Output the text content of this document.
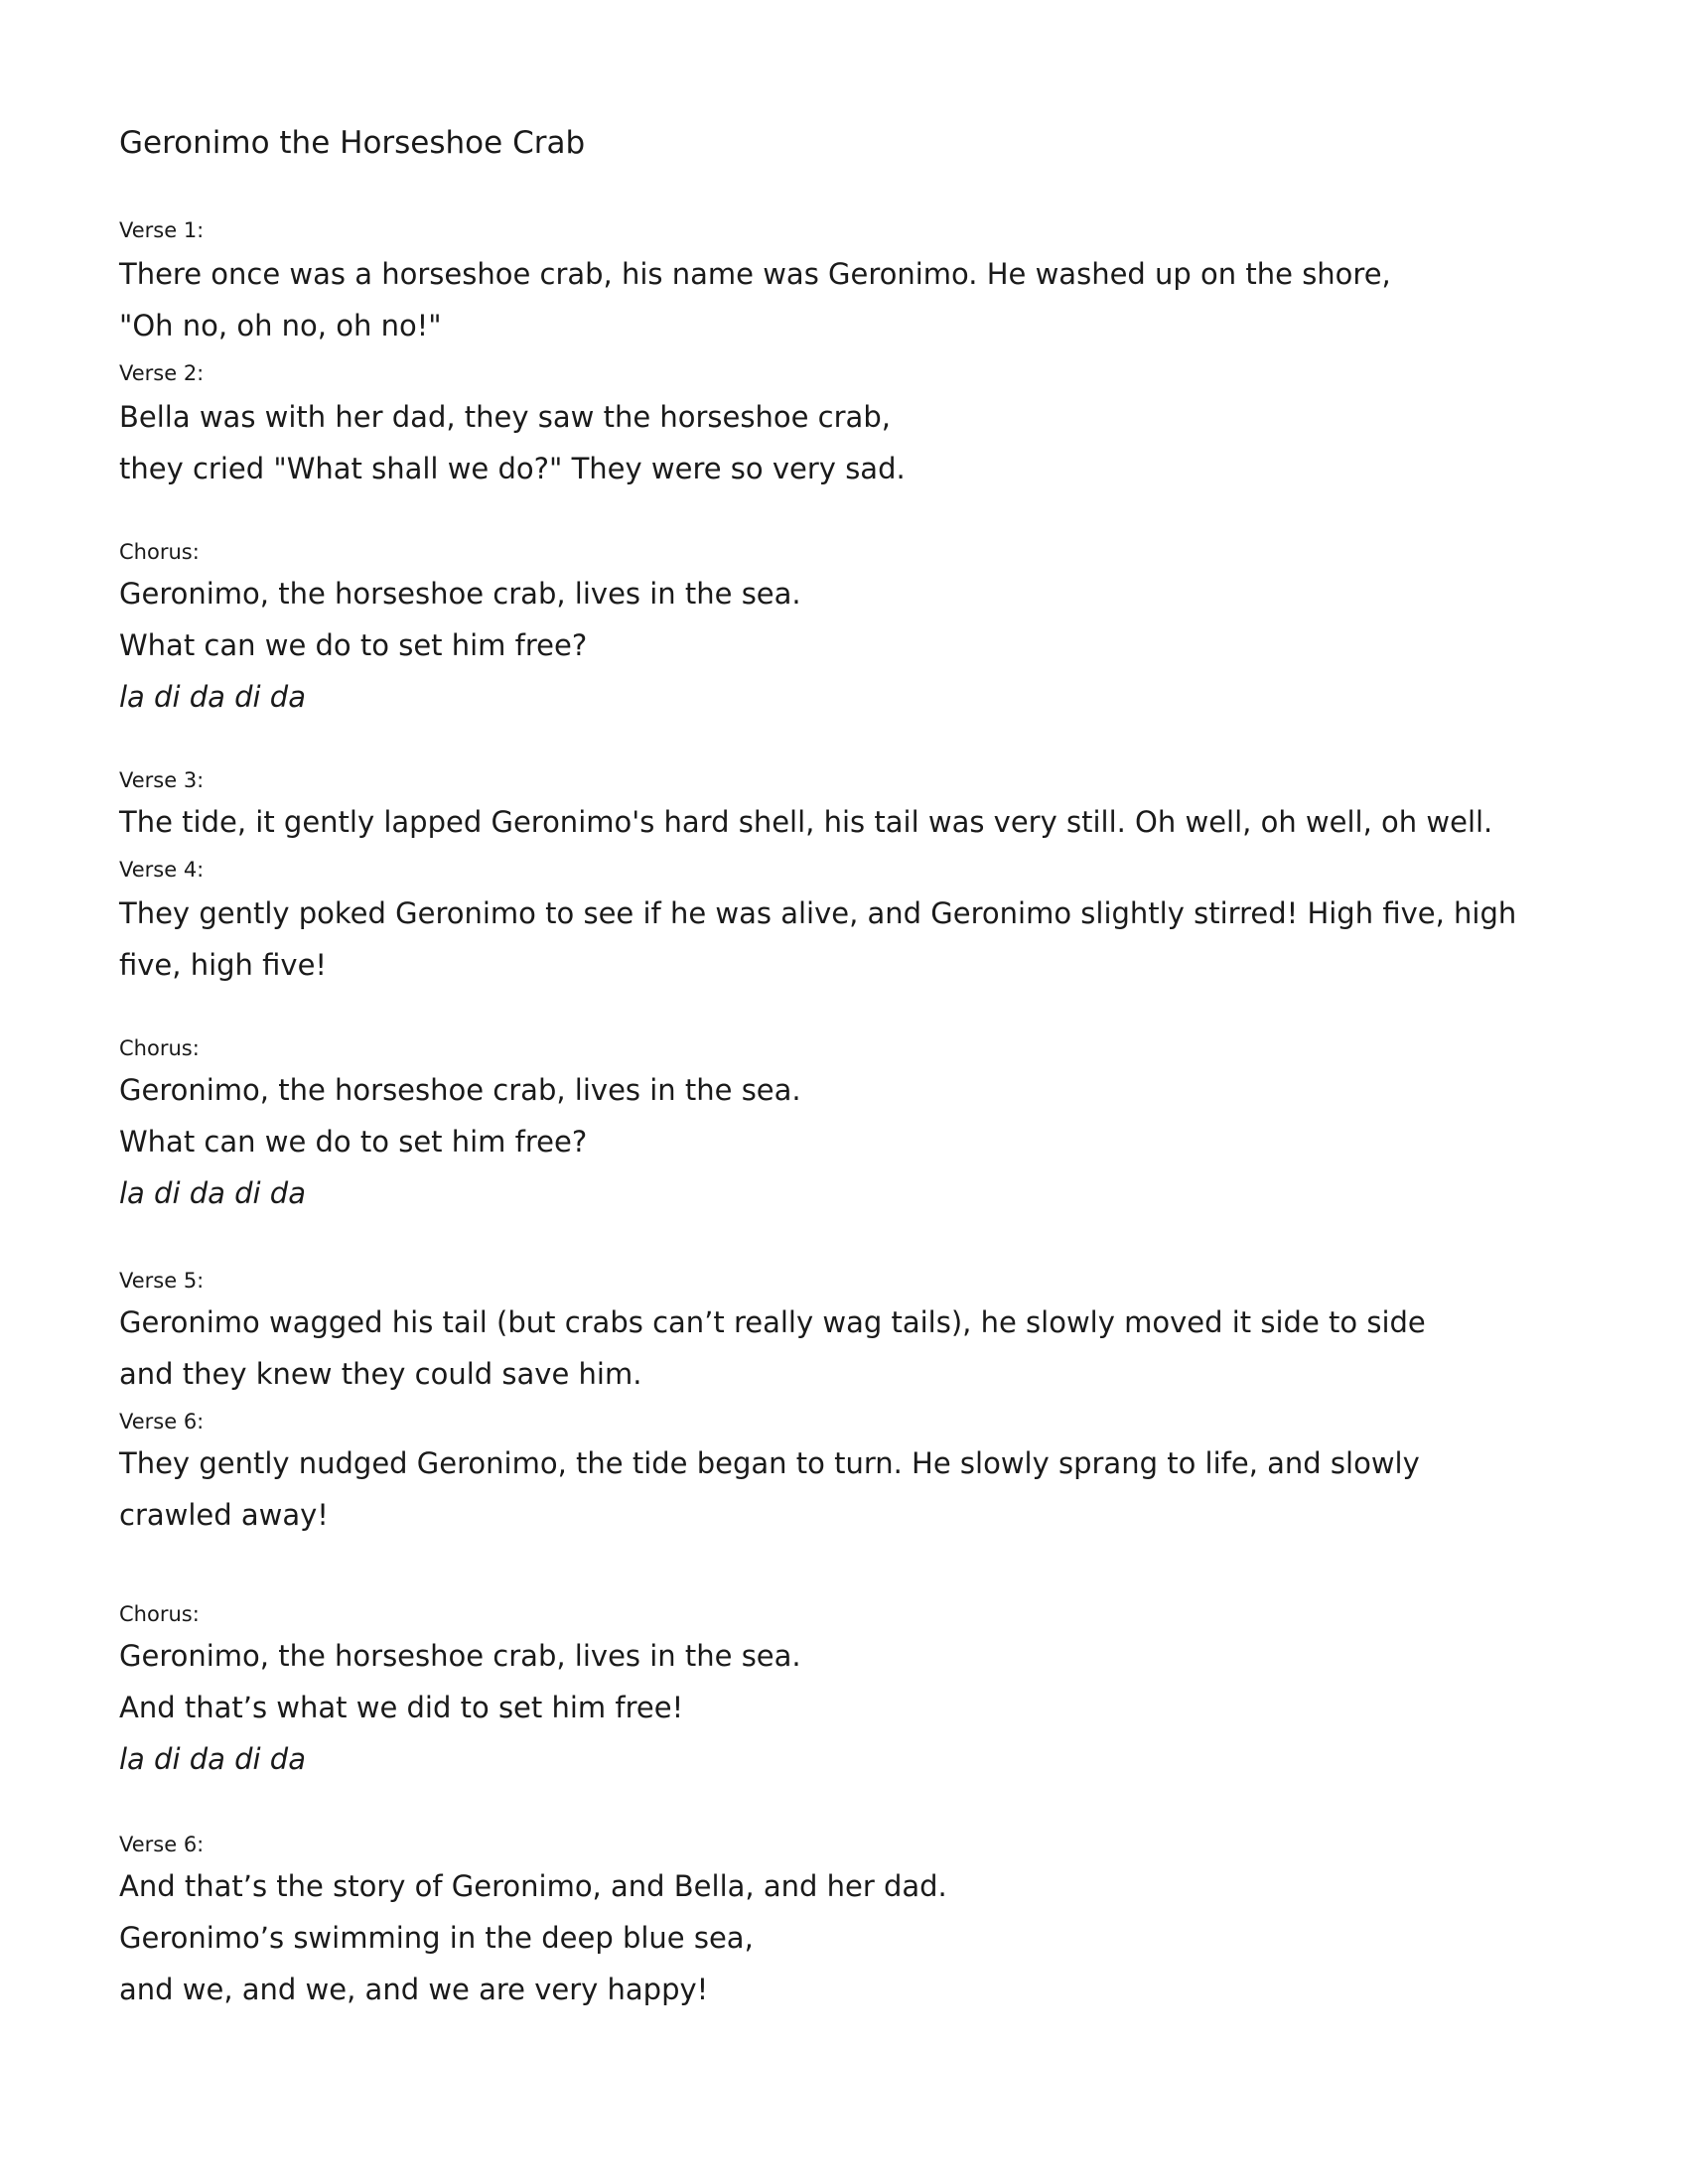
Geronimo the Horseshoe Crab
Verse 1:
There once was a horseshoe crab, his name was Geronimo. He washed up on the shore,
"Oh no, oh no, oh no!"
Verse 2:
Bella was with her dad, they saw the horseshoe crab,
they cried "What shall we do?" They were so very sad.
Chorus:
Geronimo, the horseshoe crab, lives in the sea.
What can we do to set him free?
la di da di da
Verse 3:
The tide, it gently lapped Geronimo's hard shell, his tail was very still. Oh well, oh well, oh well.
Verse 4:
They gently poked Geronimo to see if he was alive, and Geronimo slightly stirred! High five, high
five, high five!
Chorus:
Geronimo, the horseshoe crab, lives in the sea.
What can we do to set him free?
la di da di da
Verse 5:
Geronimo wagged his tail (but crabs can’t really wag tails), he slowly moved it side to side
and they knew they could save him.
Verse 6:
They gently nudged Geronimo, the tide began to turn. He slowly sprang to life, and slowly
crawled away!
Chorus:
Geronimo, the horseshoe crab, lives in the sea.
And that’s what we did to set him free!
la di da di da
Verse 6:
And that’s the story of Geronimo, and Bella, and her dad.
Geronimo’s swimming in the deep blue sea,
and we, and we, and we are very happy!
